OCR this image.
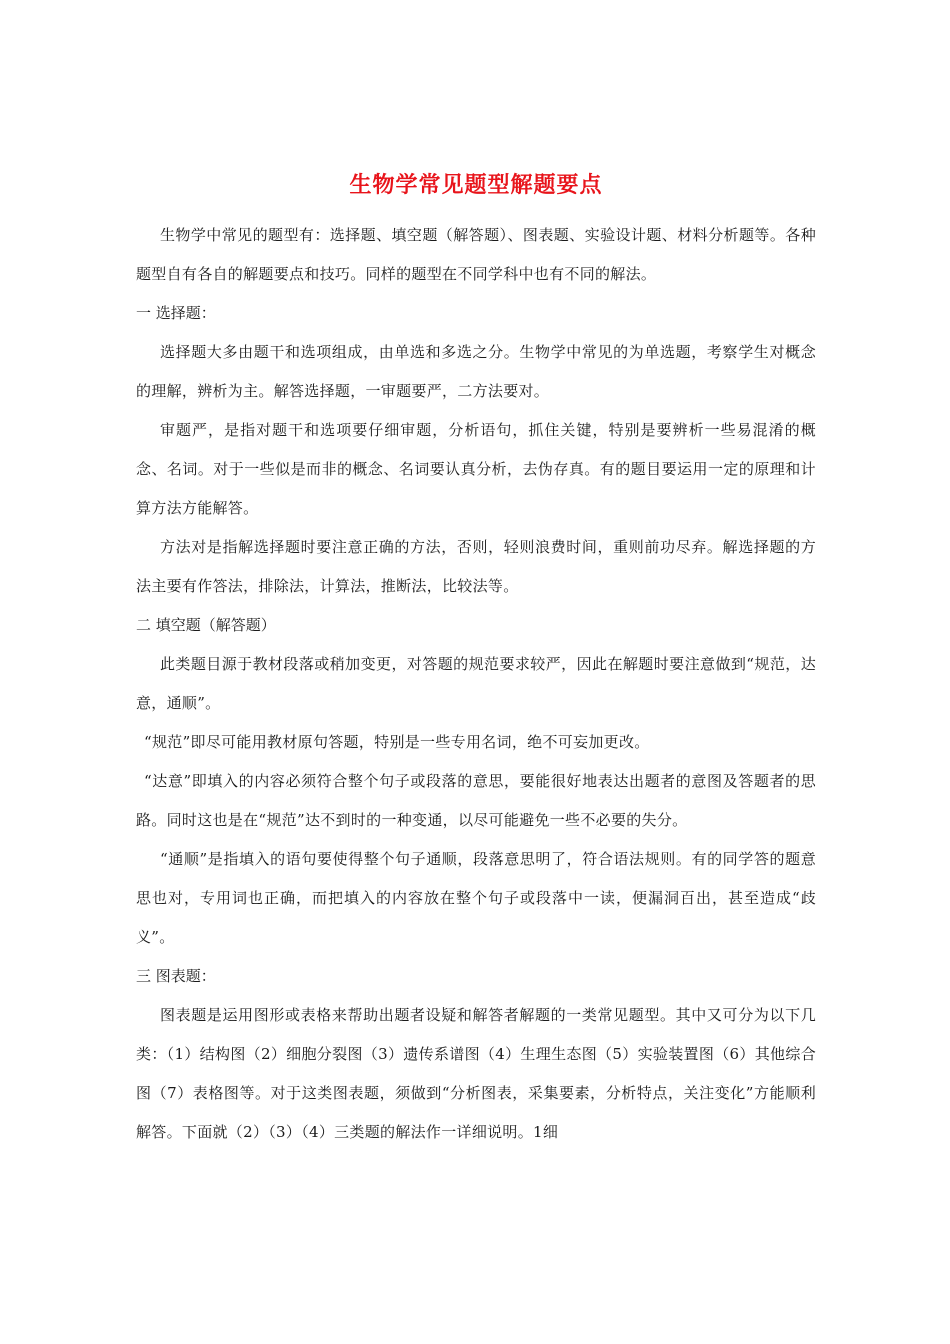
生物学常见题型解题要点

生物学中常见的题型有：选择题、填空题（解答题）、图表题、实验设计题、材料分析题等。各种题型自有各自的解题要点和技巧。同样的题型在不同学科中也有不同的解法。

一 选择题：

选择题大多由题干和选项组成，由单选和多选之分。生物学中常见的为单选题，考察学生对概念的理解，辨析为主。解答选择题，一审题要严，二方法要对。

审题严，是指对题干和选项要仔细审题，分析语句，抓住关键，特别是要辨析一些易混淆的概念、名词。对于一些似是而非的概念、名词要认真分析，去伪存真。有的题目要运用一定的原理和计算方法方能解答。

方法对是指解选择题时要注意正确的方法，否则，轻则浪费时间，重则前功尽弃。解选择题的方法主要有作答法，排除法，计算法，推断法，比较法等。

二 填空题（解答题）

此类题目源于教材段落或稍加变更，对答题的规范要求较严，因此在解题时要注意做到“规范，达意，通顺”。

“规范”即尽可能用教材原句答题，特别是一些专用名词，绝不可妄加更改。

“达意”即填入的内容必须符合整个句子或段落的意思，要能很好地表达出题者的意图及答题者的思路。同时这也是在“规范”达不到时的一种变通，以尽可能避免一些不必要的失分。

“通顺”是指填入的语句要使得整个句子通顺，段落意思明了，符合语法规则。有的同学答的题意思也对，专用词也正确，而把填入的内容放在整个句子或段落中一读，便漏洞百出，甚至造成“歧义”。

三 图表题：

图表题是运用图形或表格来帮助出题者设疑和解答者解题的一类常见题型。其中又可分为以下几类：（1）结构图（2）细胞分裂图（3）遗传系谱图（4）生理生态图（5）实验装置图（6）其他综合图（7）表格图等。对于这类图表题，须做到“分析图表，采集要素，分析特点，关注变化”方能顺利解答。下面就（2）（3）（4）三类题的解法作一详细说明。1细
